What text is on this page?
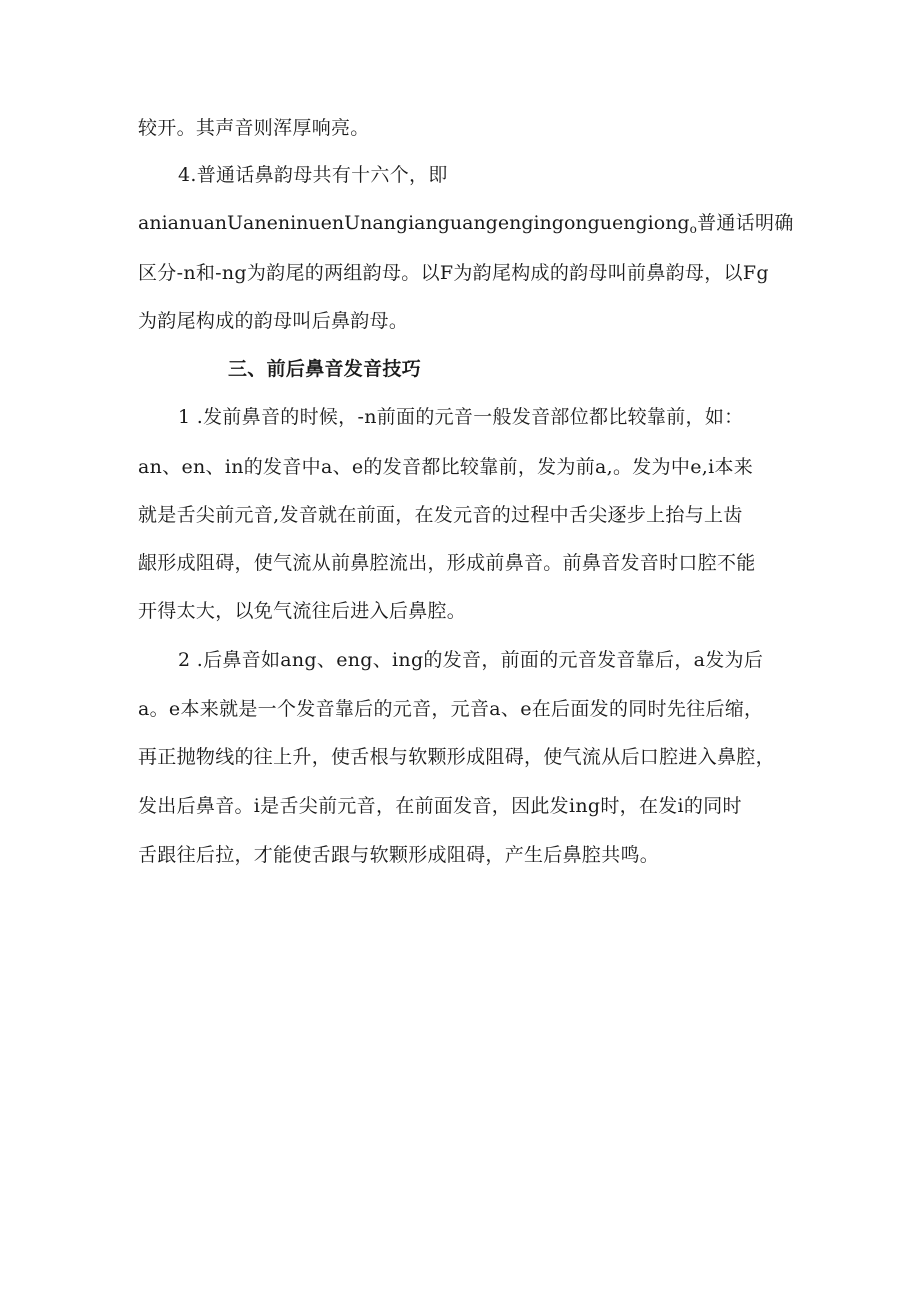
较开。其声音则浑厚响亮。
4.普通话鼻韵母共有十六个，即
anianuanUaneninuenUnangianguangengingonguengiong$_o$普通话明确
区分-n和-ng为韵尾的两组韵母。以F为韵尾构成的韵母叫前鼻韵母，以Fg
为韵尾构成的韵母叫后鼻韵母。
三、前后鼻音发音技巧
1 .发前鼻音的时候，-n前面的元音一般发音部位都比较靠前，如：
an、en、in的发音中a、e的发音都比较靠前，发为前a,。发为中e,i本来
就是舌尖前元音,发音就在前面，在发元音的过程中舌尖逐步上抬与上齿
龈形成阻碍，使气流从前鼻腔流出，形成前鼻音。前鼻音发音时口腔不能
开得太大，以免气流往后进入后鼻腔。
2 .后鼻音如ang、eng、ing的发音，前面的元音发音靠后，a发为后
a。e本来就是一个发音靠后的元音，元音a、e在后面发的同时先往后缩，
再正抛物线的往上升，使舌根与软颗形成阻碍，使气流从后口腔进入鼻腔，
发出后鼻音。i是舌尖前元音，在前面发音，因此发ing时，在发i的同时
舌跟往后拉，才能使舌跟与软颗形成阻碍，产生后鼻腔共鸣。
